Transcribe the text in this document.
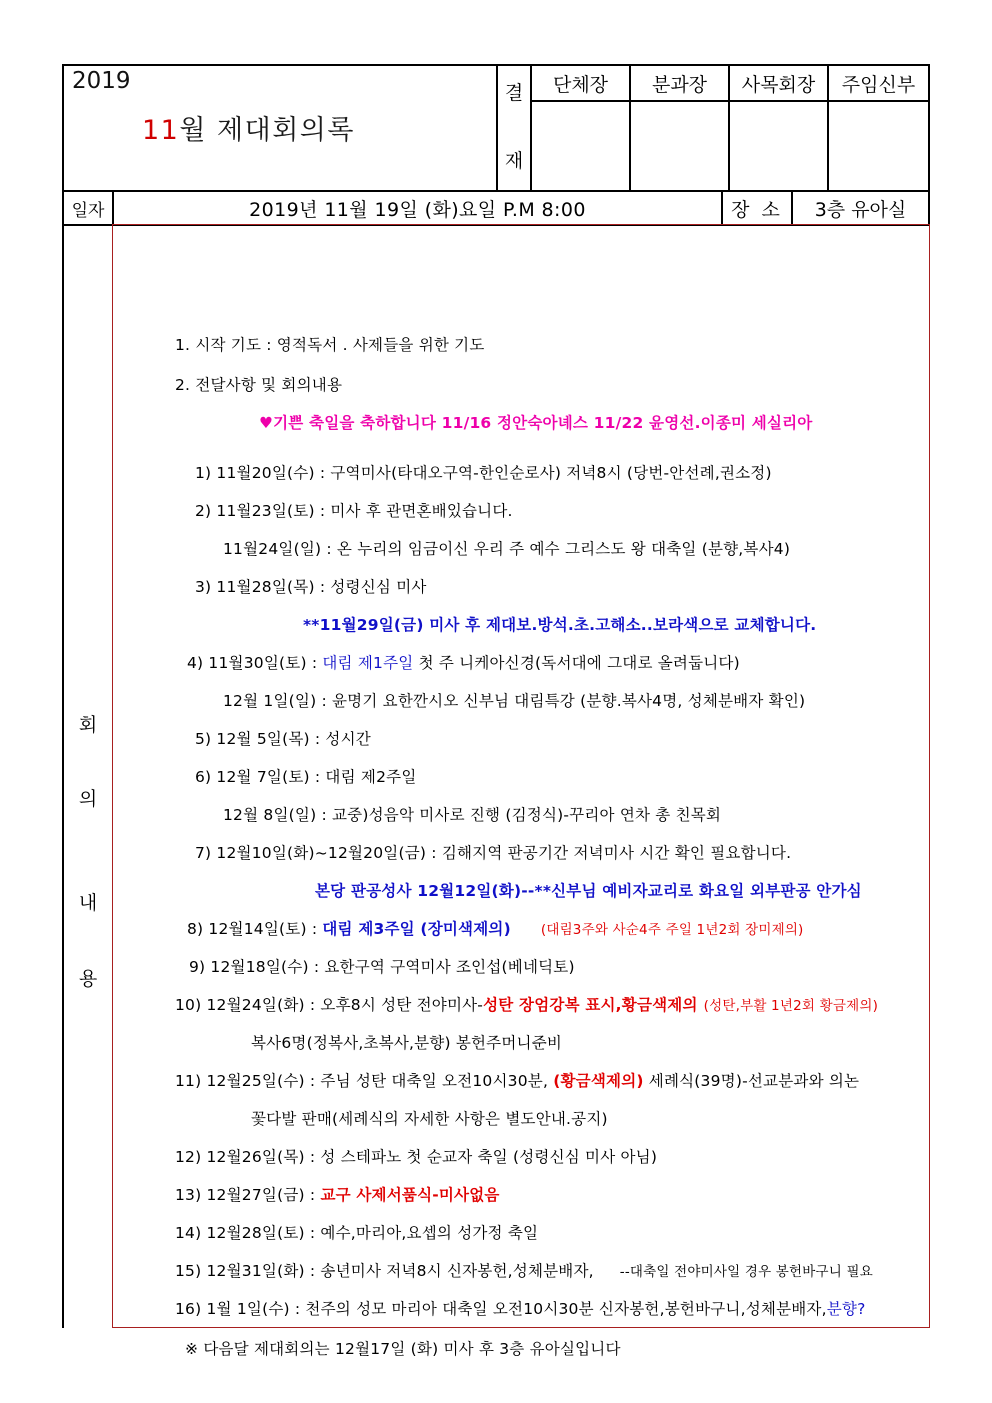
2019
11월 제대회의록
결
재
단체장	분과장	사목회장	주임신부
일자	2019년 11월 19일 (화)요일 P.M 8:00	장 소	3층 유아실
회
의
내
용
1. 시작 기도 : 영적독서 . 사제들을 위한 기도
2. 전달사항 및 회의내용
♥기쁜 축일을 축하합니다 11/16 정안숙아녜스 11/22 윤영선.이종미 세실리아
1) 11월20일(수) : 구역미사(타대오구역-한인순로사) 저녁8시 (당번-안선례,권소정)
2) 11월23일(토) : 미사 후 관면혼배있습니다.
11월24일(일) : 온 누리의 임금이신 우리 주 예수 그리스도 왕 대축일 (분향,복사4)
3) 11월28일(목) : 성령신심 미사
**11월29일(금) 미사 후 제대보.방석.초.고해소..보라색으로 교체합니다.
4) 11월30일(토) : 대림 제1주일 첫 주 니케아신경(독서대에 그대로 올려둡니다)
12월 1일(일) : 윤명기 요한깐시오 신부님 대림특강 (분향.복사4명, 성체분배자 확인)
5) 12월 5일(목) : 성시간
6) 12월 7일(토) : 대림 제2주일
12월 8일(일) : 교중)성음악 미사로 진행 (김정식)-꾸리아 연차 총 친목회
7) 12월10일(화)~12월20일(금) : 김해지역 판공기간 저녁미사 시간 확인 필요합니다.
본당 판공성사 12월12일(화)--**신부님 예비자교리로 화요일 외부판공 안가심
8) 12월14일(토) : 대림 제3주일 (장미색제의) (대림3주와 사순4주 주일 1년2회 장미제의)
9) 12월18일(수) : 요한구역 구역미사 조인섭(베네딕토)
10) 12월24일(화) : 오후8시 성탄 전야미사-성탄 장엄강복 표시,황금색제의 (성탄,부활 1년2회 황금제의)
복사6명(정복사,초복사,분향) 봉헌주머니준비
11) 12월25일(수) : 주님 성탄 대축일 오전10시30분, (황금색제의) 세례식(39명)-선교분과와 의논
꽃다발 판매(세례식의 자세한 사항은 별도안내.공지)
12) 12월26일(목) : 성 스테파노 첫 순교자 축일 (성령신심 미사 아님)
13) 12월27일(금) : 교구 사제서품식-미사없음
14) 12월28일(토) : 예수,마리아,요셉의 성가정 축일
15) 12월31일(화) : 송년미사 저녁8시 신자봉헌,성체분배자, --대축일 전야미사일 경우 봉헌바구니 필요
16) 1월 1일(수) : 천주의 성모 마리아 대축일 오전10시30분 신자봉헌,봉헌바구니,성체분배자,분향?
※ 다음달 제대회의는 12월17일 (화) 미사 후 3층 유아실입니다
